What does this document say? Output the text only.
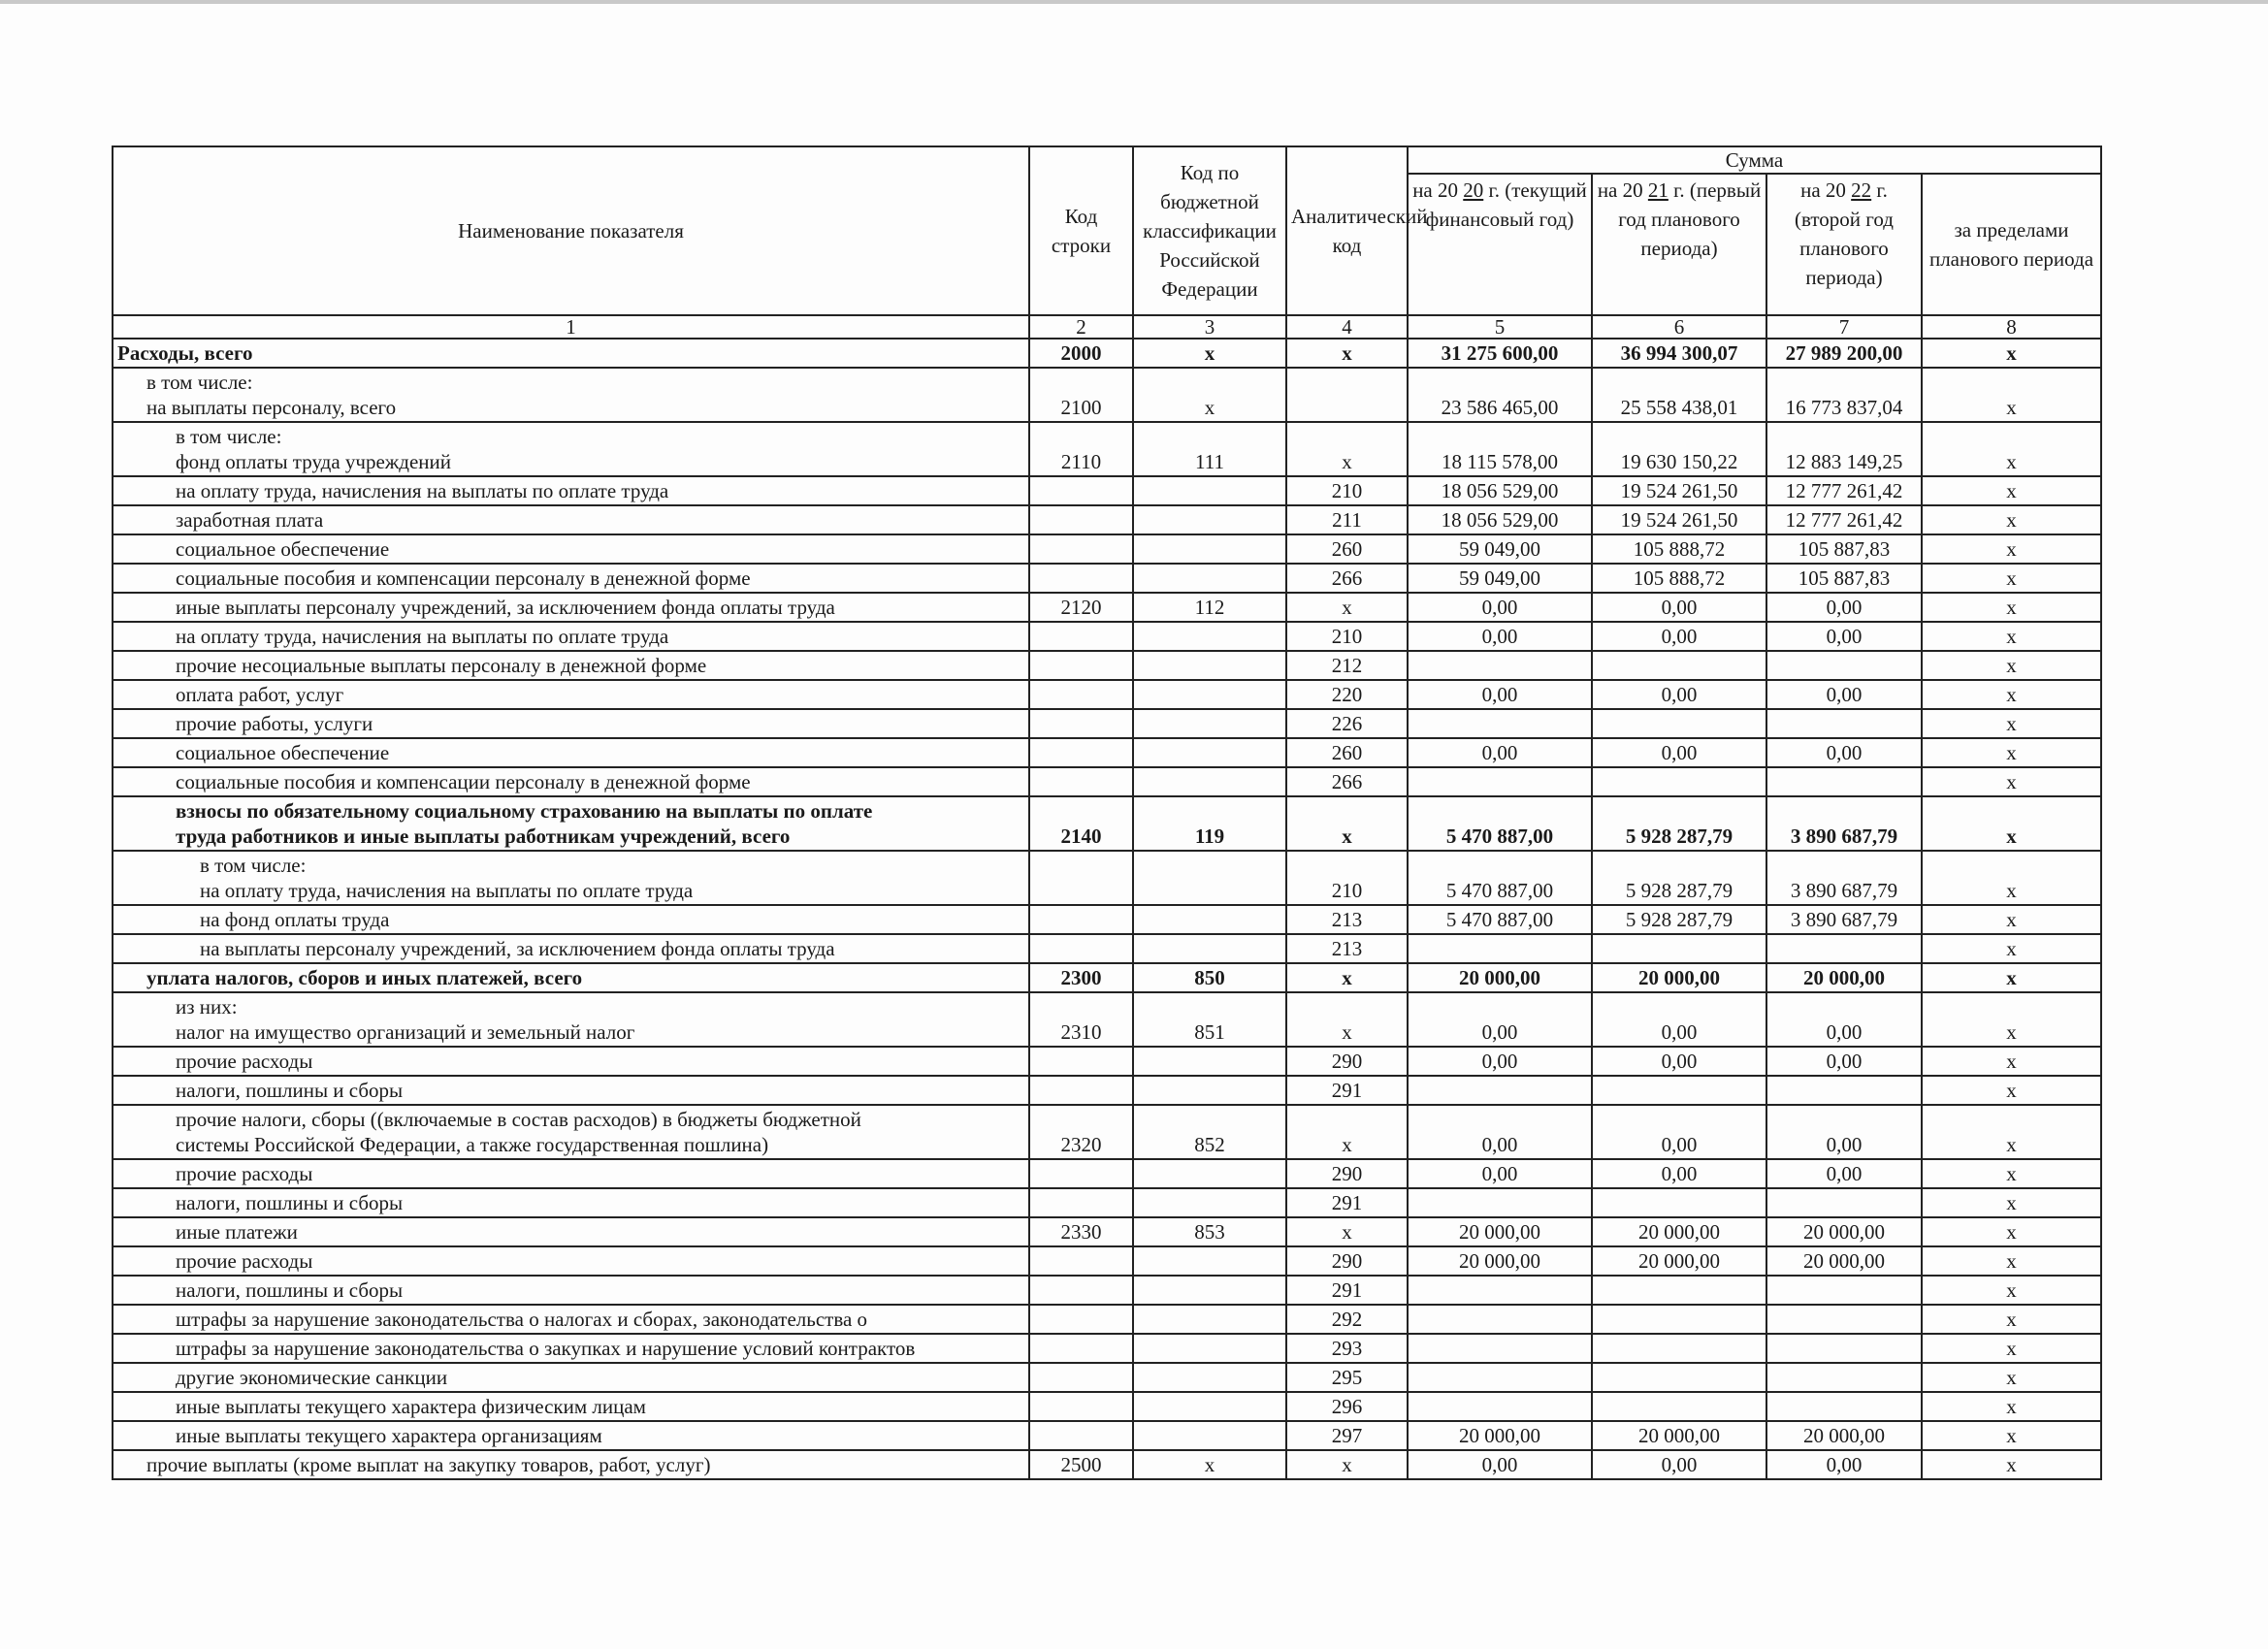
Наименование показателя	Код строки	Код по бюджетной классификации Российской Федерации	Аналитический код	Сумма			
				на 20 20 г. (текущий финансовый год)	на 20 21 г. (первый год планового периода)	на 20 22 г. (второй год планового периода)	за пределами планового периода
1	2	3	4	5	6	7	8

Расходы, всего	2000	x	x	31 275 600,00	36 994 300,07	27 989 200,00	x

в том числе:
на выплаты персоналу, всего	2100	x		23 586 465,00	25 558 438,01	16 773 837,04	x

в том числе:
фонд оплаты труда учреждений	2110	111	x	18 115 578,00	19 630 150,22	12 883 149,25	x

на оплату труда, начисления на выплаты по оплате труда			210	18 056 529,00	19 524 261,50	12 777 261,42	x

заработная плата			211	18 056 529,00	19 524 261,50	12 777 261,42	x

социальное обеспечение			260	59 049,00	105 888,72	105 887,83	x

социальные пособия и компенсации персоналу в денежной форме			266	59 049,00	105 888,72	105 887,83	x

иные выплаты персоналу учреждений, за исключением фонда оплаты труда	2120	112	x	0,00	0,00	0,00	x

на оплату труда, начисления на выплаты по оплате труда			210	0,00	0,00	0,00	x

прочие несоциальные выплаты персоналу в денежной форме			212				x

оплата работ, услуг			220	0,00	0,00	0,00	x

прочие работы, услуги			226				x

социальное обеспечение			260	0,00	0,00	0,00	x

социальные пособия и компенсации персоналу в денежной форме			266				x

взносы по обязательному социальному страхованию на выплаты по оплате
труда работников и иные выплаты работникам учреждений, всего	2140	119	x	5 470 887,00	5 928 287,79	3 890 687,79	x

в том числе:
на оплату труда, начисления на выплаты по оплате труда			210	5 470 887,00	5 928 287,79	3 890 687,79	x

на фонд оплаты труда			213	5 470 887,00	5 928 287,79	3 890 687,79	x

на выплаты персоналу учреждений, за исключением фонда оплаты труда			213				x

уплата налогов, сборов и иных платежей, всего	2300	850	x	20 000,00	20 000,00	20 000,00	x

из них:
налог на имущество организаций и земельный налог	2310	851	x	0,00	0,00	0,00	x

прочие расходы			290	0,00	0,00	0,00	x

налоги, пошлины и сборы			291				x

прочие налоги, сборы ((включаемые в состав расходов) в бюджеты бюджетной
системы Российской Федерации, а также государственная пошлина)	2320	852	x	0,00	0,00	0,00	x

прочие расходы			290	0,00	0,00	0,00	x

налоги, пошлины и сборы			291				x

иные платежи	2330	853	x	20 000,00	20 000,00	20 000,00	x

прочие расходы			290	20 000,00	20 000,00	20 000,00	x

налоги, пошлины и сборы			291				x

штрафы за нарушение законодательства о налогах и сборах, законодательства о			292				x

штрафы за нарушение законодательства о закупках и нарушение условий контрактов			293				x

другие экономические санкции			295				x

иные выплаты текущего характера физическим лицам			296				x

иные выплаты текущего характера организациям			297	20 000,00	20 000,00	20 000,00	x

прочие выплаты (кроме выплат на закупку товаров, работ, услуг)	2500	x	x	0,00	0,00	0,00	x
